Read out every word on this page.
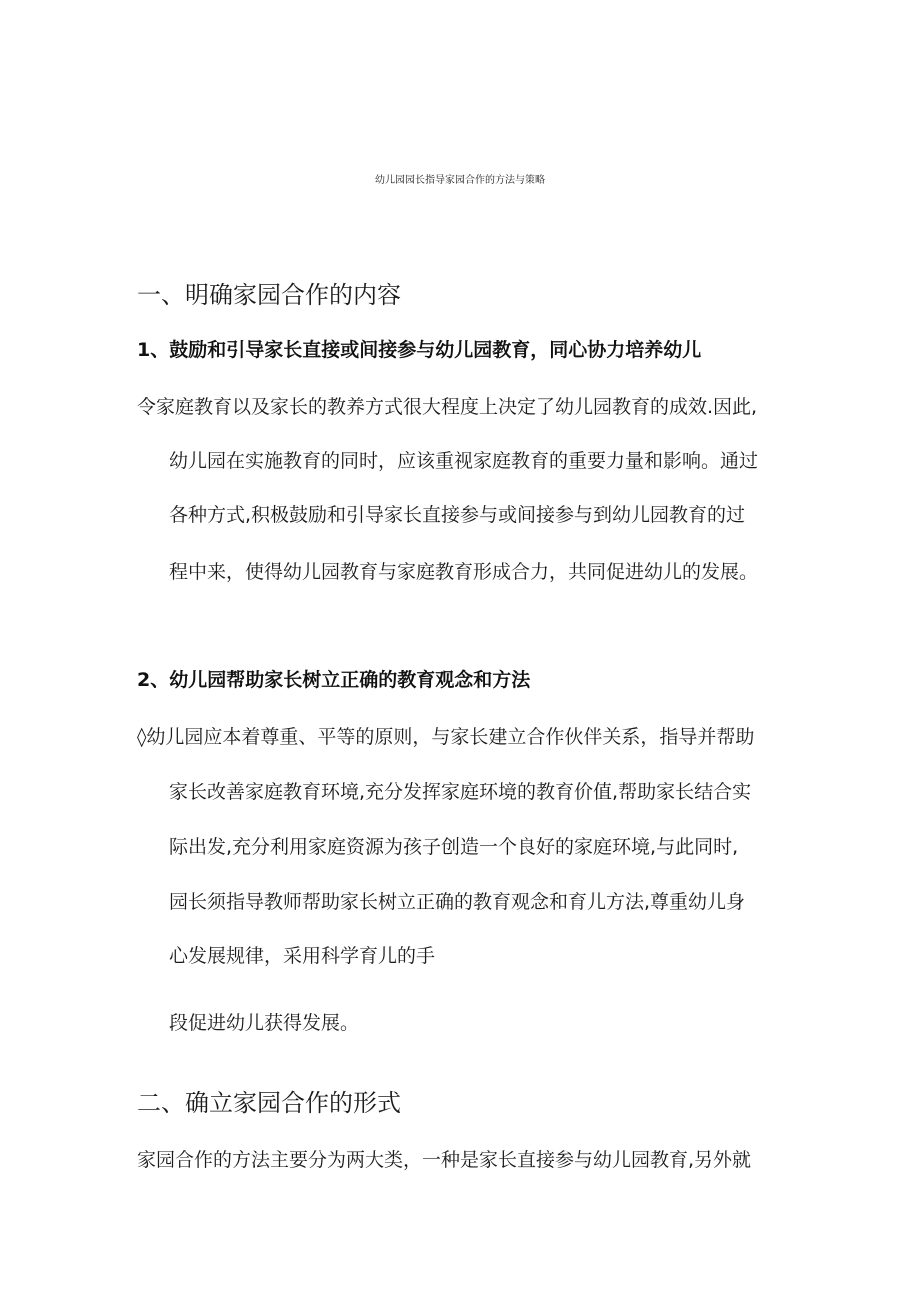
幼儿园园长指导家园合作的方法与策略
一、明确家园合作的内容
1、鼓励和引导家长直接或间接参与幼儿园教育，同心协力培养幼儿
令家庭教育以及家长的教养方式很大程度上决定了幼儿园教育的成效.因此,
幼儿园在实施教育的同时，应该重视家庭教育的重要力量和影响。通过
各种方式,积极鼓励和引导家长直接参与或间接参与到幼儿园教育的过
程中来，使得幼儿园教育与家庭教育形成合力，共同促进幼儿的发展。
2、幼儿园帮助家长树立正确的教育观念和方法
◊幼儿园应本着尊重、平等的原则，与家长建立合作伙伴关系，指导并帮助
家长改善家庭教育环境,充分发挥家庭环境的教育价值,帮助家长结合实
际出发,充分利用家庭资源为孩子创造一个良好的家庭环境,与此同时,
园长须指导教师帮助家长树立正确的教育观念和育儿方法,尊重幼儿身
心发展规律，采用科学育儿的手
段促进幼儿获得发展。
二、确立家园合作的形式
家园合作的方法主要分为两大类，一种是家长直接参与幼儿园教育,另外就
